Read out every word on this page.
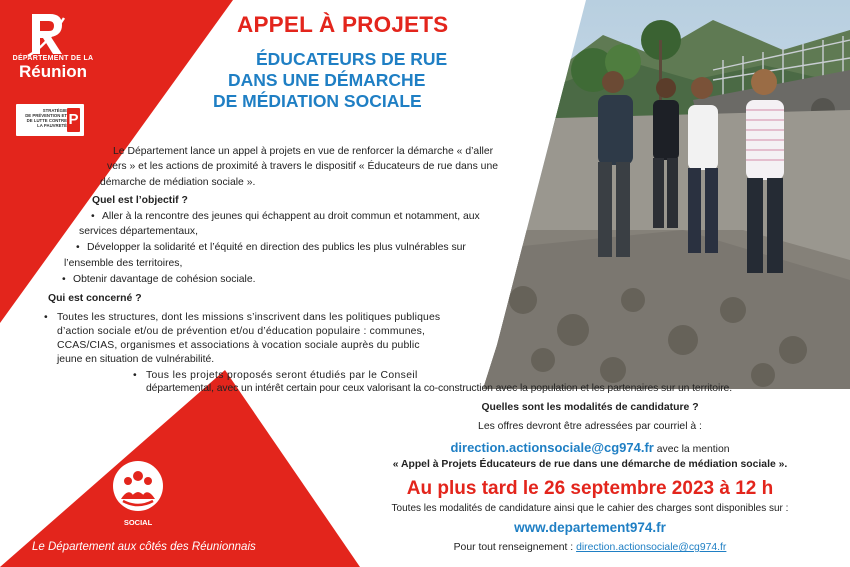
DÉPARTEMENT DE LA
Réunion
STRATÉGIE
DE PRÉVENTION ET
DE LUTTE CONTRE
LA PAUVRETÉ P
APPEL À PROJETS
ÉDUCATEURS DE RUE
DANS UNE DÉMARCHE
DE MÉDIATION SOCIALE
Le Département lance un appel à projets en vue de renforcer la démarche « d’aller
vers » et les actions de proximité à travers le dispositif « Éducateurs de rue dans une
démarche de médiation sociale ».
Quel est l’objectif ?
• Aller à la rencontre des jeunes qui échappent au droit commun et notamment, aux
services départementaux,
• Développer la solidarité et l’équité en direction des publics les plus vulnérables sur
l’ensemble des territoires,
• Obtenir davantage de cohésion sociale.
Qui est concerné ?
• Toutes les structures, dont les missions s’inscrivent dans les politiques publiques
d’action sociale et/ou de prévention et/ou d’éducation populaire : communes,
CCAS/CIAS, organismes et associations à vocation sociale auprès du public
jeune en situation de vulnérabilité.
• Tous les projets proposés seront étudiés par le Conseil
départemental, avec un intérêt certain pour ceux valorisant la co-construction avec la population et les partenaires sur un territoire.
Quelles sont les modalités de candidature ?
Les offres devront être adressées par courriel à :
direction.actionsociale@cg974.fr avec la mention
« Appel à Projets Éducateurs de rue dans une démarche de médiation sociale ».
Au plus tard le 26 septembre 2023 à 12 h
Toutes les modalités de candidature ainsi que le cahier des charges sont disponibles sur :
www.departement974.fr
Pour tout renseignement : direction.actionsociale@cg974.fr
SOCIAL
Le Département aux côtés des Réunionnais
